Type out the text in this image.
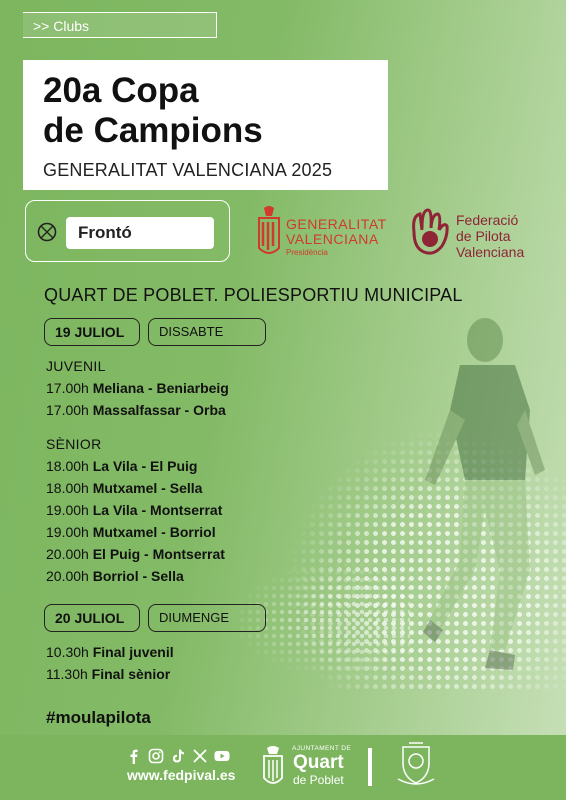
>> Clubs
20a Copa
de Campions
GENERALITAT VALENCIANA 2025
Frontó	GENERALITAT
VALENCIANA
Presidència
Federació
de Pilota
Valenciana
QUART DE POBLET. POLIESPORTIU MUNICIPAL
19 JULIOL	DISSABTE
JUVENIL
17.00h Meliana - Beniarbeig
17.00h Massalfassar - Orba
SÈNIOR
18.00h La Vila - El Puig
18.00h Mutxamel - Sella
19.00h La Vila - Montserrat
19.00h Mutxamel - Borriol
20.00h El Puig - Montserrat
20.00h Borriol - Sella
20 JULIOL	DIUMENGE
10.30h Final juvenil
11.30h Final sènior
#moulapilota
www.fedpival.es
AJUNTAMENT DE
Quart
de Poblet
